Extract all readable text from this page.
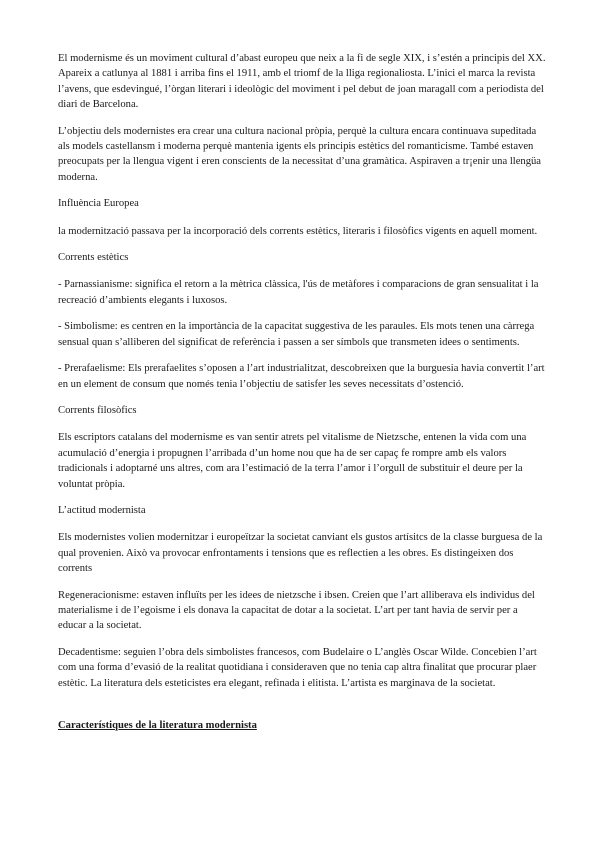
El modernisme és un moviment cultural d’abast europeu que neix a la fi de segle XIX, i s’estén a principis del XX. Apareix a catlunya al 1881 i arriba fins el 1911, amb el triomf de la lliga regionaliosta. L’inici el marca la revista l’avens, que esdevingué, l’òrgan literari i ideològic del moviment i pel debut de joan maragall com a periodista del diari de Barcelona.

L’objectiu dels modernistes era crear una cultura nacional pròpia, perquè la cultura encara continuava supeditada als models castellansm i moderna perquè mantenia igents els principis estètics del romanticisme. També estaven preocupats per la llengua vigent i eren conscients de la necessitat d’una gramàtica. Aspiraven a tr¡enir una llengüa moderna.

Influència Europea

la modernització passava per la incorporació dels corrents estètics, literaris i filosòfics vigents en aquell moment.

Corrents estètics

- Parnassianisme: significa el retorn a la mètrica clàssica, l'ús de metàfores i comparacions de gran sensualitat i la recreació d’ambients elegants i luxosos.

- Simbolisme: es centren en la importància de la capacitat suggestiva de les paraules. Els mots tenen una càrrega sensual quan s’alliberen del significat de referència i passen a ser símbols que transmeten idees o sentiments.

- Prerafaelisme: Els prerafaelites s’oposen a l’art industrialitzat, descobreixen que la burguesia havia convertit l’art en un element de consum que només tenia l’objectiu de satisfer les seves necessitats d’ostenció.

Corrents filosòfics

Els escriptors catalans del modernisme es van sentir atrets pel vitalisme de Nietzsche, entenen la vida com una acumulació d’energia i propugnen l’arribada d’un home nou que ha de ser capaç fe rompre amb els valors tradicionals i adoptarné uns altres, com ara l’estimació de la terra l’amor i l’orgull de substituir el deure per la voluntat pròpia.

L’actitud modernista

Els modernistes volien modernitzar i europeïtzar la societat canviant els gustos artísitcs de la classe burguesa de la qual provenien. Això va provocar enfrontaments i tensions que es reflectien a les obres. Es distingeixen dos corrents

Regeneracionisme: estaven influïts per les idees de nietzsche i ibsen. Creien que l’art alliberava els individus del materialisme i de l’egoisme i els donava la capacitat de dotar a la societat. L’art per tant havia de servir per a educar a la societat.

Decadentisme: seguien l’obra dels simbolistes francesos, com Budelaire o L’anglès Oscar Wilde. Concebien l’art com una forma d’evasió de la realitat quotidiana i consideraven que no tenia cap altra finalitat que procurar plaer estètic. La literatura dels esteticistes era elegant, refinada i elitista. L’artista es marginava de la societat.

Característiques de la literatura modernista
